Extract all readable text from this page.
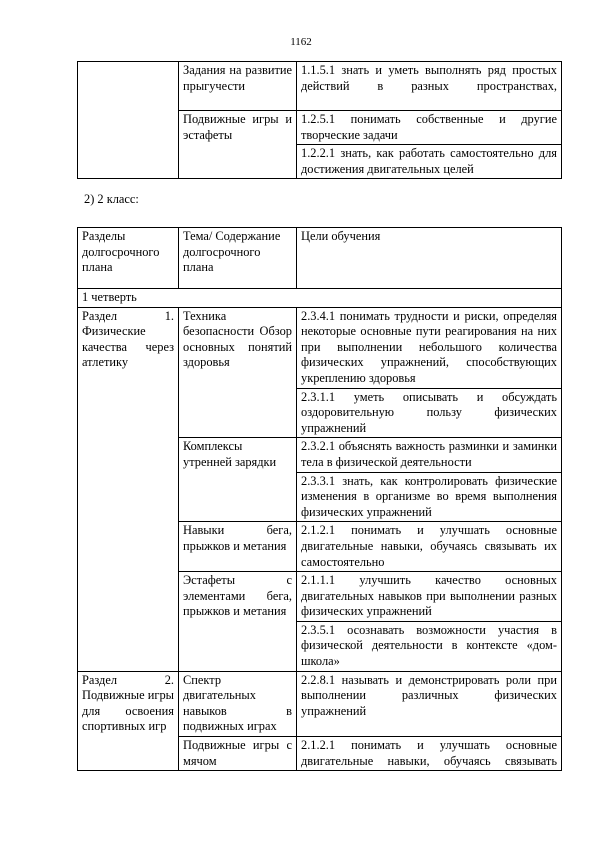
1162
	Задания на развитие прыгучести	1.1.5.1 знать и уметь выполнять ряд простых действий в разных пространствах,
	Подвижные игры и эстафеты	1.2.5.1 понимать собственные и другие творческие задачи
		1.2.2.1 знать, как работать самостоятельно для достижения двигательных целей
2) 2 класс:
Разделы долгосрочного плана	Тема/ Содержание долгосрочного плана	Цели обучения
1 четверть		
Раздел 1. Физические качества через атлетику	Техника безопасности Обзор основных понятий здоровья	2.3.4.1 понимать трудности и риски, определяя некоторые основные пути реагирования на них при выполнении небольшого количества физических упражнений, способствующих укреплению здоровья
		2.3.1.1 уметь описывать и обсуждать оздоровительную пользу физических упражнений
	Комплексы утренней зарядки	2.3.2.1 объяснять важность разминки и заминки тела в физической деятельности
		2.3.3.1 знать, как контролировать физические изменения в организме во время выполнения физических упражнений
	Навыки бега, прыжков и метания	2.1.2.1 понимать и улучшать основные двигательные навыки, обучаясь связывать их самостоятельно
	Эстафеты с элементами бега, прыжков и метания	2.1.1.1 улучшить качество основных двигательных навыков при выполнении разных физических упражнений
		2.3.5.1 осознавать возможности участия в физической деятельности в контексте «дом-школа»
Раздел 2. Подвижные игры для освоения спортивных игр	Спектр двигательных навыков в подвижных играх	2.2.8.1 называть и демонстрировать роли при выполнении различных физических упражнений
	Подвижные игры с мячом	2.1.2.1 понимать и улучшать основные двигательные навыки, обучаясь связывать
